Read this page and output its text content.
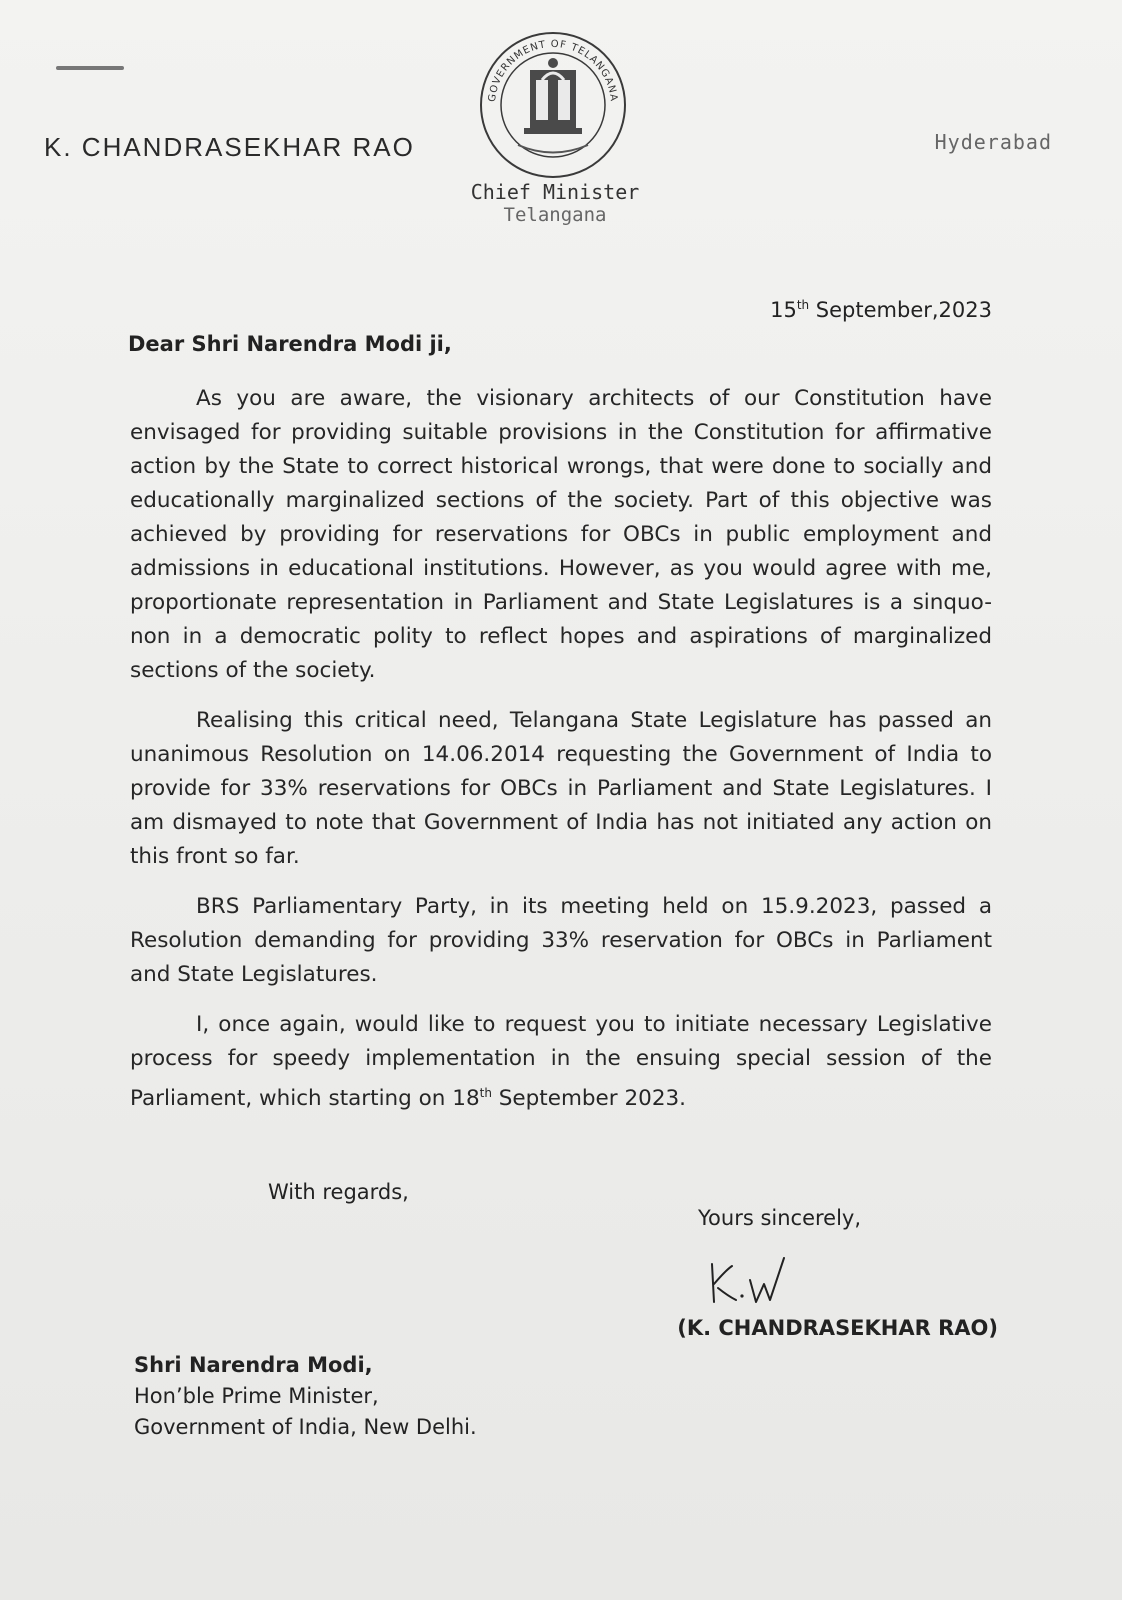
K. CHANDRASEKHAR RAO
GOVERNMENT OF TELANGANA
Chief Minister
Telangana
Hyderabad
15th September,2023
Dear Shri Narendra Modi ji,

As you are aware, the visionary architects of our Constitution have envisaged for providing suitable provisions in the Constitution for affirmative action by the State to correct historical wrongs, that were done to socially and educationally marginalized sections of the society. Part of this objective was achieved by providing for reservations for OBCs in public employment and admissions in educational institutions. However, as you would agree with me, proportionate representation in Parliament and State Legislatures is a sinquo- non in a democratic polity to reflect hopes and aspirations of marginalized sections of the society.

Realising this critical need, Telangana State Legislature has passed an unanimous Resolution on 14.06.2014 requesting the Government of India to provide for 33% reservations for OBCs in Parliament and State Legislatures. I am dismayed to note that Government of India has not initiated any action on this front so far.

BRS Parliamentary Party, in its meeting held on 15.9.2023, passed a Resolution demanding for providing 33% reservation for OBCs in Parliament and State Legislatures.

I, once again, would like to request you to initiate necessary Legislative process for speedy implementation in the ensuing special session of the Parliament, which starting on 18th September 2023.

With regards,
Yours sincerely,
(K. CHANDRASEKHAR RAO)
Shri Narendra Modi,
Hon’ble Prime Minister,
Government of India, New Delhi.
